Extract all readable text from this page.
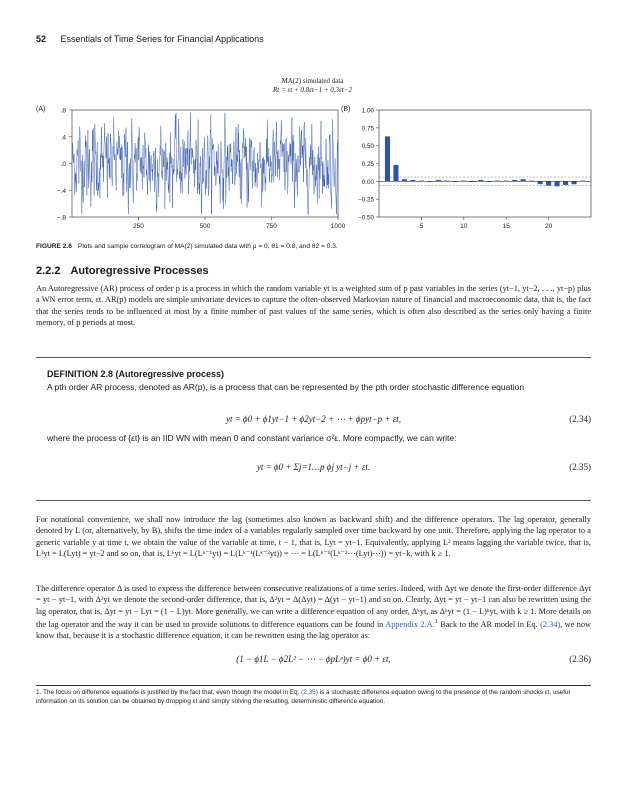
52 Essentials of Time Series for Financial Applications
MA(2) simulated data
Rt = εt + 0.8εt−1 + 0.3εt−2
(A)	(B)
.8
.4
.0
−.4
−.8
250	500	750	1000
1.00
0.75
0.50
0.25
0.00
−0.25
−0.50
5	10	15	20
FIGURE 2.6 Plots and sample correlogram of MA(2) simulated data with μ = 0, θ1 = 0.8, and θ2 = 0.3.
2.2.2 Autoregressive Processes
An Autoregressive (AR) process of order p is a process in which the random variable yt is a weighted sum of p past variables in the series (yt−1, yt−2, . . ., yt−p) plus a WN error term, εt. AR(p) models are simple univariate devices to capture the often-observed Markovian nature of financial and macroeconomic data, that is, the fact that the series tends to be influenced at most by a finite number of past values of the same series, which is often also described as the series only having a finite memory, of p periods at most.
DEFINITION 2.8 (Autoregressive process)
A pth order AR process, denoted as AR(p), is a process that can be represented by the pth order stochastic difference equation
yt = ϕ0 + ϕ1yt−1 + ϕ2yt−2 + ⋯ + ϕpyt−p + εt,	(2.34)
where the process of {εt} is an IID WN with mean 0 and constant variance σ²ε. More compactly, we can write:
yt = ϕ0 + Σj=1…p ϕj yt−j + εt.	(2.35)
For notational convenience, we shall now introduce the lag (sometimes also known as backward shift) and the difference operators. The lag operator, generally denoted by L (or, alternatively, by B), shifts the time index of a variables regularly sampled over time backward by one unit. Therefore, applying the lag operator to a generic variable y at time t, we obtain the value of the variable at time, t − 1, that is, Lyt = yt−1. Equivalently, applying L² means lagging the variable twice, that is, L²yt = L(Lyt) = yt−2 and so on, that is, Lᵏyt = L(Lᵏ⁻¹yt) = L(Lᵏ⁻¹(Lᵏ⁻²yt)) = ⋯ = L(Lᵏ⁻¹(Lᵏ⁻²⋯(Lyt)⋯)) = yt−k, with k ≥ 1.
The difference operator Δ is used to express the difference between consecutive realizations of a time series. Indeed, with Δyt we denote the first-order difference Δyt = yt − yt−1, with Δ²yt we denote the second-order difference, that is, Δ²yt = Δ(Δyt) = Δ(yt − yt−1) and so on. Clearly, Δyt = yt − yt−1 can also be rewritten using the lag operator, that is, Δyt = yt − Lyt = (1 − L)yt. More generally, we can write a difference equation of any order, Δᵏyt, as Δᵏyt = (1 − L)ᵏyt, with k ≥ 1. More details on the lag operator and the way it can be used to provide solutions to difference equations can be found in Appendix 2.A.$^1$ Back to the AR model in Eq. (2.34), we now know that, because it is a stochastic difference equation, it can be rewritten using the lag operator as:
(1 − ϕ1L − ϕ2L² − ⋯ − ϕpLᵖ)yt = ϕ0 + εt,	(2.36)
1. The focus on difference equations is justified by the fact that, even though the model in Eq. (2.35) is a stochastic difference equation owing to the presence of the random shocks εt, useful information on its solution can be obtained by dropping εt and simply solving the resulting, deterministic difference equation.
